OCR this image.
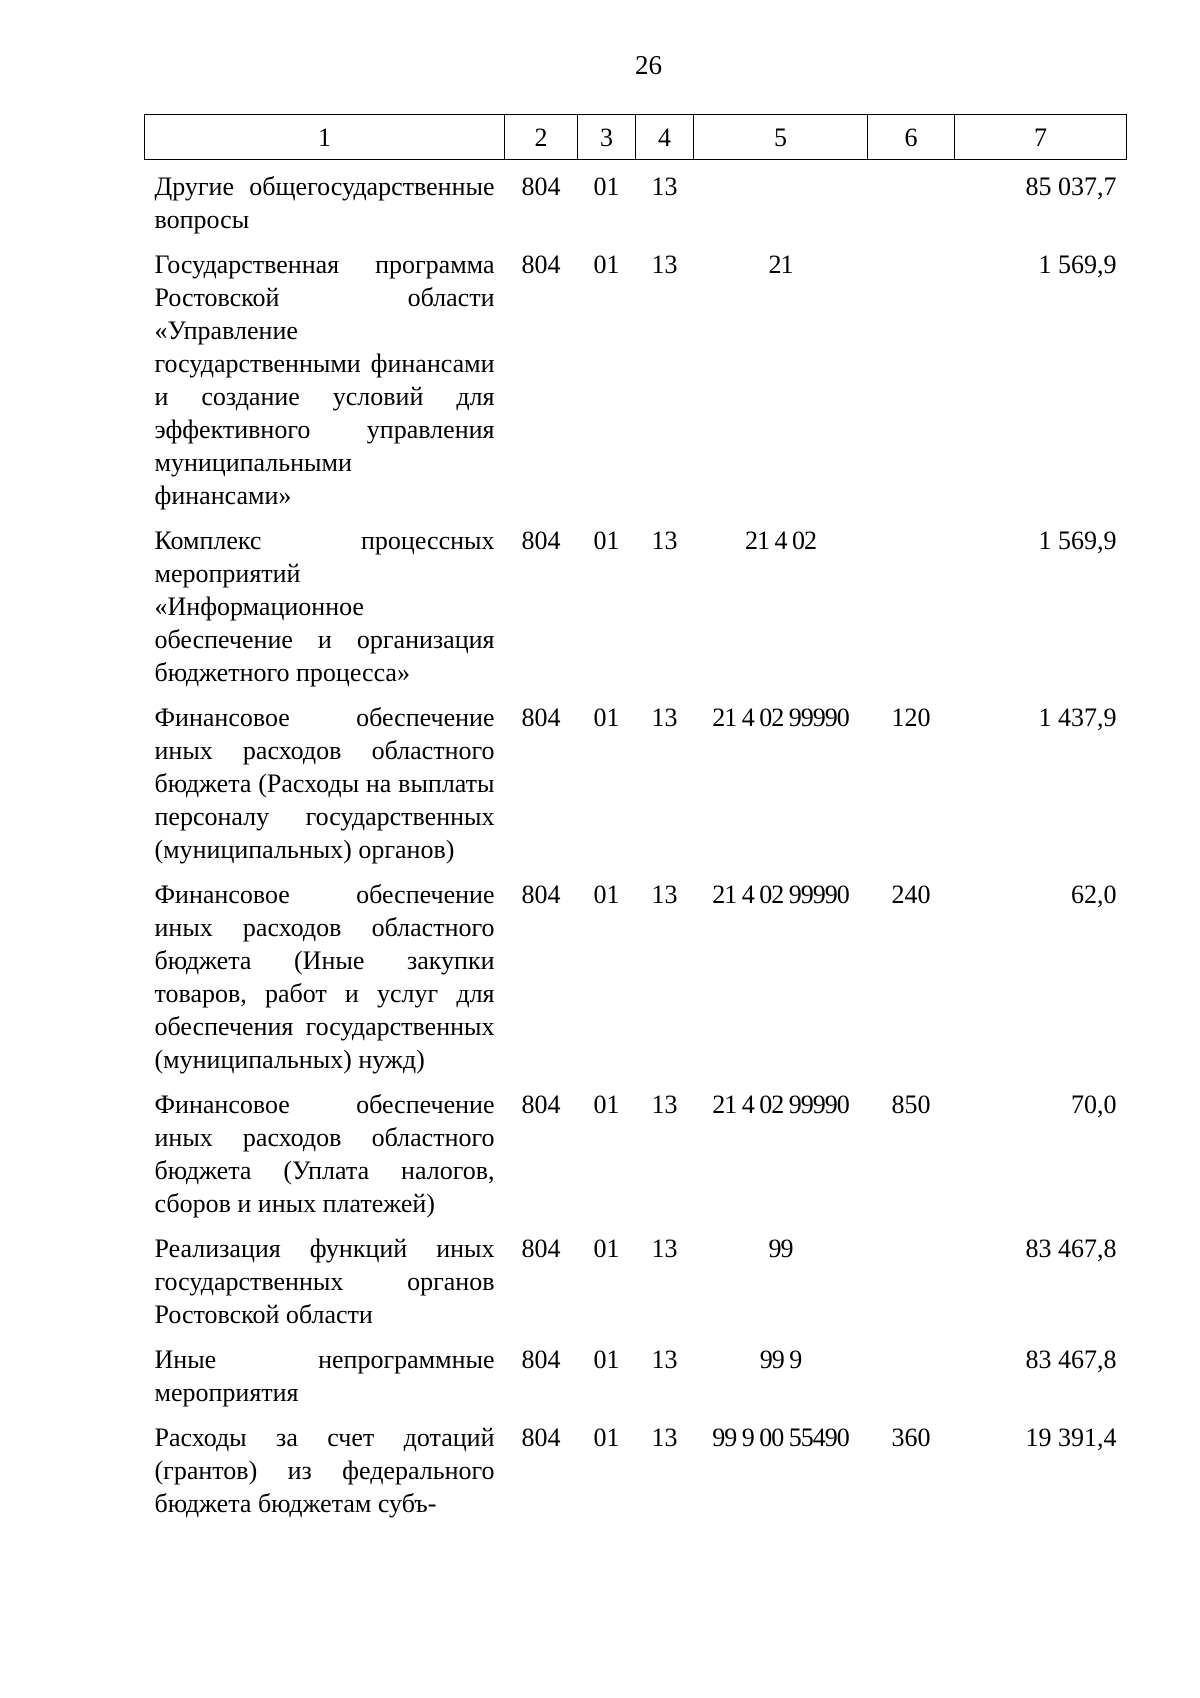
26
1	2	3	4	5	6	7
Другие общегосударственные вопросы	804	01	13			85 037,7
Государственная программа Ростовской области «Управление государственными финансами и создание условий для эффективного управления муниципальными финансами»	804	01	13	21		1 569,9
Комплекс процессных мероприятий «Информационное обеспечение и организация бюджетного процесса»	804	01	13	21 4 02		1 569,9
Финансовое обеспечение иных расходов областного бюджета (Расходы на выплаты персоналу государственных (муниципальных) органов)	804	01	13	21 4 02 99990	120	1 437,9
Финансовое обеспечение иных расходов областного бюджета (Иные закупки товаров, работ и услуг для обеспечения государственных (муниципальных) нужд)	804	01	13	21 4 02 99990	240	62,0
Финансовое обеспечение иных расходов областного бюджета (Уплата налогов, сборов и иных платежей)	804	01	13	21 4 02 99990	850	70,0
Реализация функций иных государственных органов Ростовской области	804	01	13	99		83 467,8
Иные непрограммные мероприятия	804	01	13	99 9		83 467,8
Расходы за счет дотаций (грантов) из федерального бюджета бюджетам субъ-	804	01	13	99 9 00 55490	360	19 391,4
